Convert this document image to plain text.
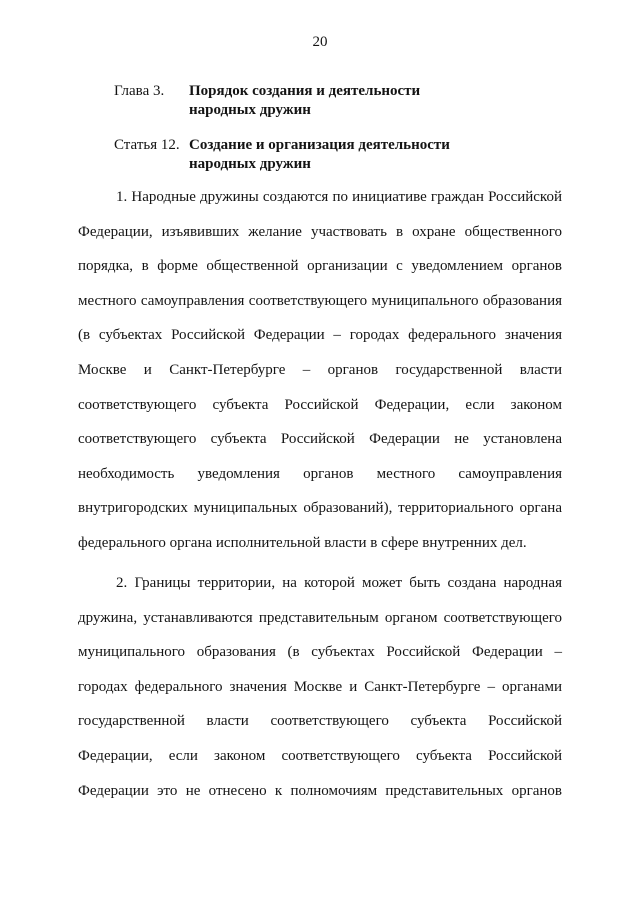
20
Глава 3. Порядок создания и деятельности
народных дружин
Статья 12. Создание и организация деятельности
народных дружин

1. Народные дружины создаются по инициативе граждан Российской Федерации, изъявивших желание участвовать в охране общественного порядка, в форме общественной организации с уведомлением органов местного самоуправления соответствующего муниципального образования (в субъектах Российской Федерации – городах федерального значения Москве и Санкт-Петербурге – органов государственной власти соответствующего субъекта Российской Федерации, если законом соответствующего субъекта Российской Федерации не установлена необходимость уведомления органов местного самоуправления внутригородских муниципальных образований), территориального органа федерального органа исполнительной власти в сфере внутренних дел.

2. Границы территории, на которой может быть создана народная дружина, устанавливаются представительным органом соответствующего муниципального образования (в субъектах Российской Федерации – городах федерального значения Москве и Санкт-Петербурге – органами государственной власти соответствующего субъекта Российской Федерации, если законом соответствующего субъекта Российской Федерации это не отнесено к полномочиям представительных органов
